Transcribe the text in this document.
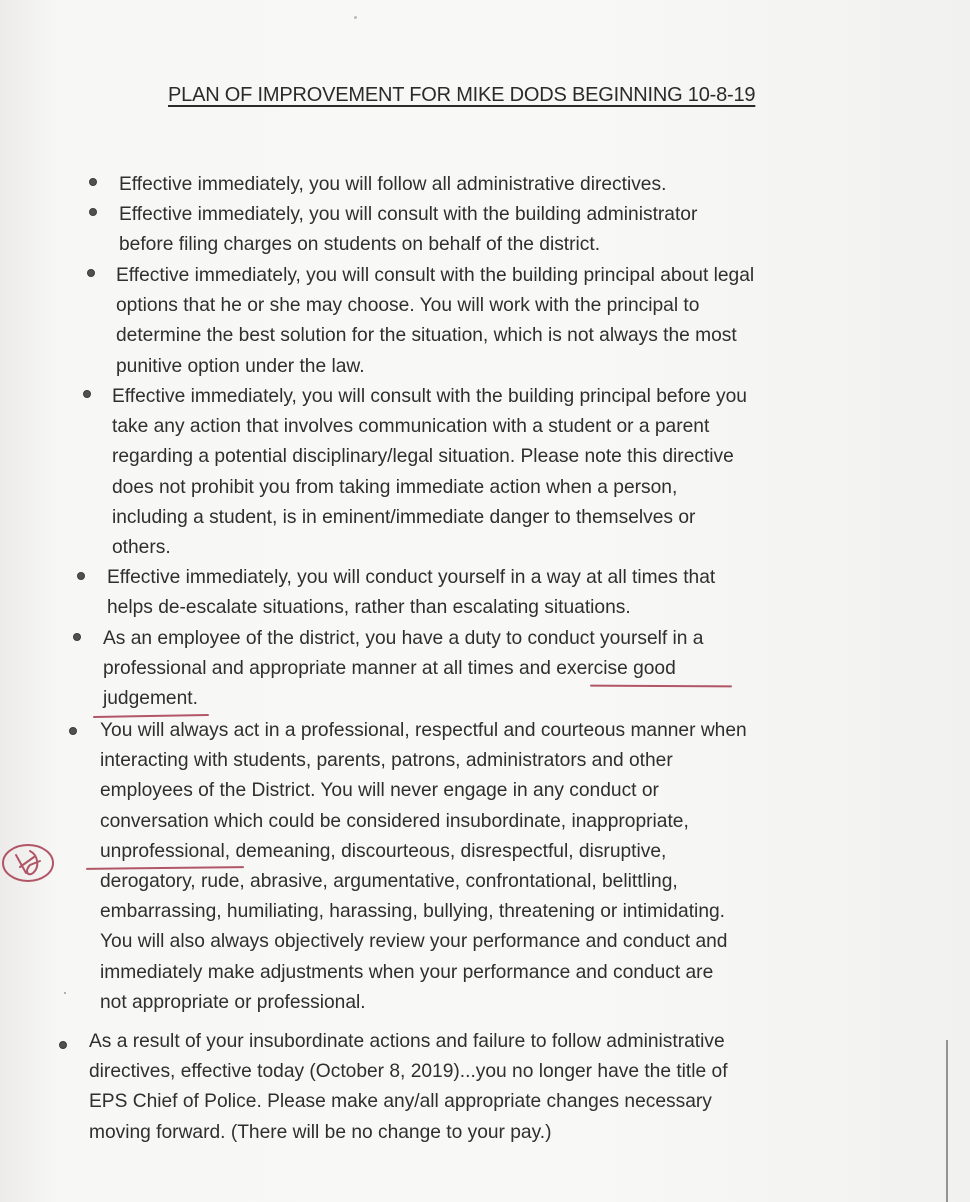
PLAN OF IMPROVEMENT FOR MIKE DODS BEGINNING 10-8-19
Effective immediately, you will follow all administrative directives.
Effective immediately, you will consult with the building administrator
before filing charges on students on behalf of the district.
Effective immediately, you will consult with the building principal about legal
options that he or she may choose. You will work with the principal to
determine the best solution for the situation, which is not always the most
punitive option under the law.
Effective immediately, you will consult with the building principal before you
take any action that involves communication with a student or a parent
regarding a potential disciplinary/legal situation. Please note this directive
does not prohibit you from taking immediate action when a person,
including a student, is in eminent/immediate danger to themselves or
others.
Effective immediately, you will conduct yourself in a way at all times that
helps de-escalate situations, rather than escalating situations.
As an employee of the district, you have a duty to conduct yourself in a
professional and appropriate manner at all times and exercise good
judgement.
You will always act in a professional, respectful and courteous manner when
interacting with students, parents, patrons, administrators and other
employees of the District. You will never engage in any conduct or
conversation which could be considered insubordinate, inappropriate,
unprofessional, demeaning, discourteous, disrespectful, disruptive,
derogatory, rude, abrasive, argumentative, confrontational, belittling,
embarrassing, humiliating, harassing, bullying, threatening or intimidating.
You will also always objectively review your performance and conduct and
immediately make adjustments when your performance and conduct are
not appropriate or professional.
As a result of your insubordinate actions and failure to follow administrative
directives, effective today (October 8, 2019)...you no longer have the title of
EPS Chief of Police. Please make any/all appropriate changes necessary
moving forward. (There will be no change to your pay.)
